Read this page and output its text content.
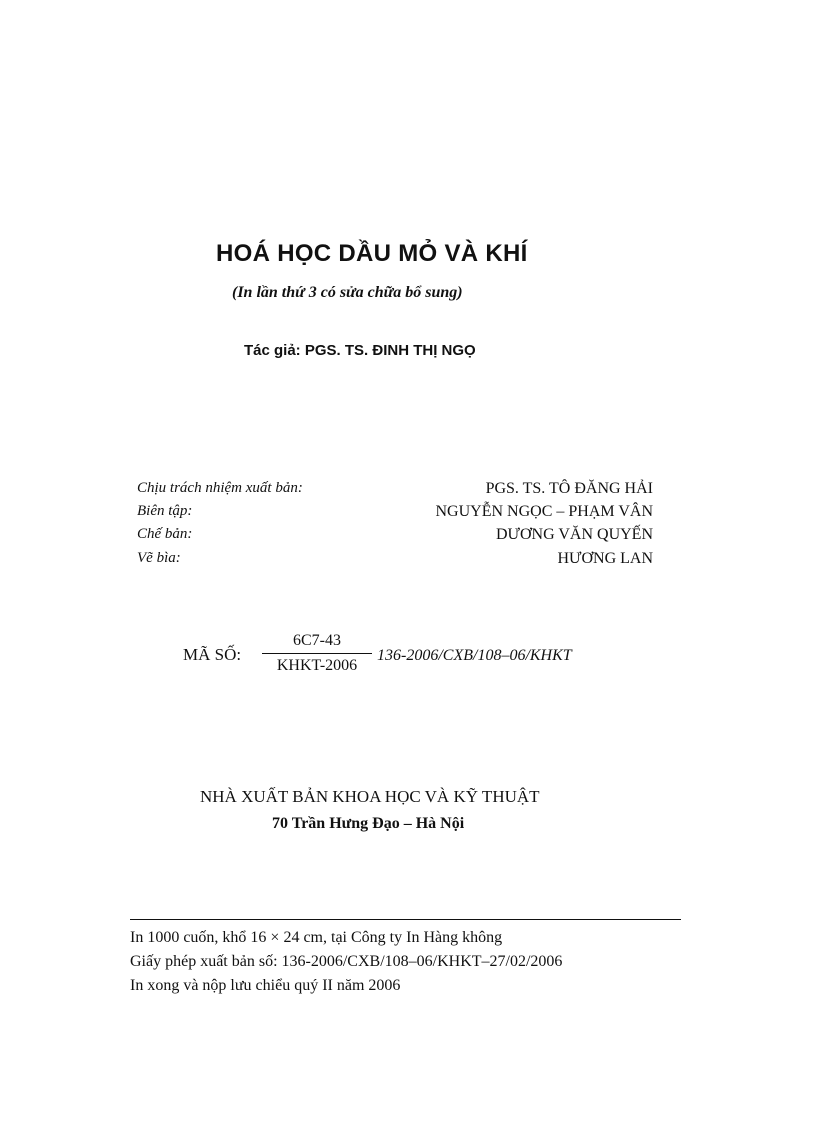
HOÁ HỌC DẦU MỎ VÀ KHÍ
(In lần thứ 3 có sửa chữa bổ sung)
Tác giả: PGS. TS. ĐINH THỊ NGỌ
Chịu trách nhiệm xuất bản:	PGS. TS. TÔ ĐĂNG HẢI
Biên tập:	NGUYỄN NGỌC – PHẠM VÂN
Chế bản:	DƯƠNG VĂN QUYẾN
Vẽ bìa:	HƯƠNG LAN
MÃ SỐ:
6C7-43
KHKT-2006
136-2006/CXB/108–06/KHKT
NHÀ XUẤT BẢN KHOA HỌC VÀ KỸ THUẬT
70 Trần Hưng Đạo – Hà Nội
In 1000 cuốn, khổ 16 × 24 cm, tại Công ty In Hàng không
Giấy phép xuất bản số: 136-2006/CXB/108–06/KHKT–27/02/2006
In xong và nộp lưu chiểu quý II năm 2006
